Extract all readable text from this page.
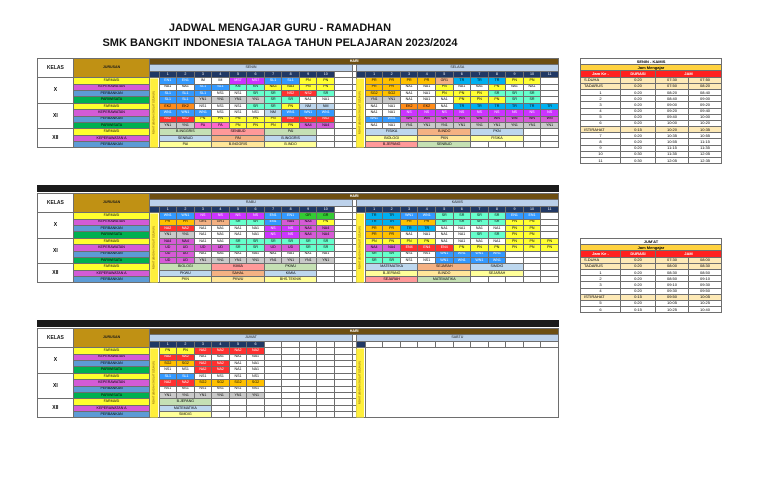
JADWAL MENGAJAR GURU - RAMADHAN
SMK BANGKIT INDONESIA TALAGA TAHUN PELAJARAN 2023/2024
KELAS	JURUSAN	HARI																								
		SENIN													SELASA											
			1	2	3	4	5	6	7	8	9	10				1	2	3	4	5	6	7	8	9	10	11
X	FARMASI	REHAT (IBADAH SHOLAT DZUHUR)	EN1	EN1	IM	IM	MS7	MS7	SL1	SL1	PN	PN			REHAT (IBADAH SHOLAT DZUHUR)	PR	PR	PR	PR	GR1	TR	TR	TR	PN	PN	
	KEPERAWATAN		NA1	NA1	SL1	SL1	KN	KN	NA3	NA3	PN	PN				PR	PR	NA1	NA1	PN	NA1	NA1	PN	NA1	NA1	
	PERBANKAN		SL1	SL1	SL1	NS1	NS1	SR	SR	NS2	NS2	SR				SG2	SG2	NA1	NA1	PN	PN	PN	SR	SR	SR	
	PARIWISATA		SL1	SL1	YN1	YN1	YN1	YN1	SR	SR	NA1	NA1				YN1	YN1	NA1	NA1	NA1	PN	PN	PN	SR	SR	
XI	FARMASI		EK2	EK2	NS1	NS1	NS1	SR	SR	PN	NM	NM				NA1	NA1	EK2	EK2	NA1	TR	TR	TR	TR	TR	TR
	KEPERAWATAN		WN1	WN1	WN1	NS1	NS1	NS1	NM	WN1	WN1	WN1				NA1	NA1	NS	NS	NS	NS	NS	NS	NS	NS	NS
	PERBANKAN		NS2	NS2	PN	PN	PN	PN	PN	NS2	NS2	NS2				WN1	WN1	WN	WN	WN	WN	WN	WN	WN	WN	WN
	PARIWISATA		YN1	YN1	PA	PA	PN	PN	PN	PN	NA4	NA4				NA1	NA1	YN1	YN1	YN1	YN1	YN1	YN1	YN1	YN1	YN1
XII	FARMASI		B.INGGRIS			SENBUD			PAI							FISIKA			B.INDO			PKN				
	KEPERAWATAN A		SENBUD			PAI			B.INGGRIS							BIOLOGI			PKN			FISIKA				
	PERBANKAN		PAI			B.INGGRIS			B.INDO							B.JEPANG			SENBUD							
KELAS	JURUSAN	HARI																								
		RABU													KAMIS											
			1	2	3	4	5	6	7	8	9	10				1	2	3	4	5	6	7	8	9	10	11
X	FARMASI	REHAT (IBADAH SHOLAT DZUHUR)	WN1	WN1	NS	NS	NS	NS	EN1	EN1	GR	GR			REHAT (IBADAH SHOLAT DZUHUR)	TR	TR	WN1	WN1	SR	SR	SR	SR	EN1	EN1	
	KEPERAWATAN		PR	PR	GR1	GR1	SR	SR	EN1	NA4	NA4	PN				TR	TR	PR	PR	SR	SR	SR	SR	PN	PN	
	PERBANKAN		NA2	NA2	NA1	NA1	NA1	NA1	NS	NS	NA4	NA4				PR	PR	TR	TR	NA1	NA1	NA1	NA1	PN	PN	
	PARIWISATA		YN1	YN1	NA1	NA1	NA1	NA1	NS	NS	NA4	NA4				PR	PR	NA1	NA1	NA1	NA1	SR	SR	PN	PN	
XI	FARMASI		NA4	NA4	NA1	NA1	SR	SR	SR	SR	SR	SR				PN	PN	PN	PN	NA1	NA1	NA1	NA1	PN	PN	PN
	KEPERAWATAN		UD	UD	UD	UD	SR	SR	UD	UD	SR	SR				NA4	NA4	EN4	EN4	EN4	PN	PN	PN	PN	PN	PN
	PERBANKAN		UD	UD	NA1	NA1	NA1	NA1	NA1	NA1	NA1	NA1				SR	SR	NS1	NS1	WN1	WN1	WN1	WN1			
	PARIWISATA		UD	UD	YN1	YN1	YN1	YN1	YN1	YN1	YN1	YN1				SR	SR	NS1	NS1	WN1	WN1	WN1	WN1			
XII	FARMASI		BIOLOGI			KIMIA			PKWU							MATEMATIKA			SEJARAH			SIMDIG				
	KEPERAWATAN A		PKWU			SAHAL			KIMIA							B.JEPANG			B.INDO			SEJARAH				
	PERBANKAN		PKN			PKWU			BHS.TEKNIK							SEJARAH			MATEMATIKA							
KELAS	JURUSAN	HARI																								
		JUMAT													SABTU											
			1	2	3	4	5	6																		
X	FARMASI	REHAT (IBADAH SHOLAT DZUHUR)	PN	PN	NA2	NA2	NA2	NA2							REHAT (IBADAH SHOLAT DZUHUR)											
	KEPERAWATAN		NA2	NA2	NA1	NA1	NA1	NA1																		
	PERBANKAN		SG2	SG2	NA2	NA2	NA1	NA1																		
	PARIWISATA		NS1	NS1	NA2	NA2	NA1	NA1																		
XI	FARMASI		SL1	SL1	NS1	NS1	NS1	NS1																		
	KEPERAWATAN		NA2	NA2	SG2	SG2	SG2	SG2																		
	PERBANKAN		NS1	NS1	NS1	NS1	NS1	NS1																		
	PARIWISATA		YN1	YN1	YN1	YN1	YN1	YN1																		
XII	FARMASI		B.JEPANG																							
	KEPERAWATAN A		MATEMATIKA																							
	PERBANKAN		SIMDIG																							
SENIN - KAMIS			
Jam Mengajar			
Jam Ke -	DURASI	JAM	
S.DUHA	0:20	07:30	07:50
TADARUS	0:20	07:50	08:20
1	0:20	08:20	08:40
2	0:20	08:40	09:00
3	0:20	09:00	09:20
4	0:20	09:20	09:40
5	0:20	09:40	10:00
6	0:20	10:00	10:20
ISTIRAHAT	0:15	10:20	10:35
7	0:20	10:35	10:55
8	0:20	10:55	11:15
9	0:20	11:15	11:35
10	0:30	11:35	12:05
11	0:30	12:05	12:35
JUM'AT			
Jam Mengajar			
Jam Ke -	DURASI	JAM	
S.DUHA	0:20	07:30	08:00
TADARUS	0:20	08:00	08:30
1	0:20	08:30	08:50
2	0:20	08:50	09:10
3	0:20	09:10	09:30
4	0:20	09:30	09:50
ISTIRAHAT	0:15	09:50	10:05
5	0:20	10:05	10:25
6	0:15	10:25	10:40
